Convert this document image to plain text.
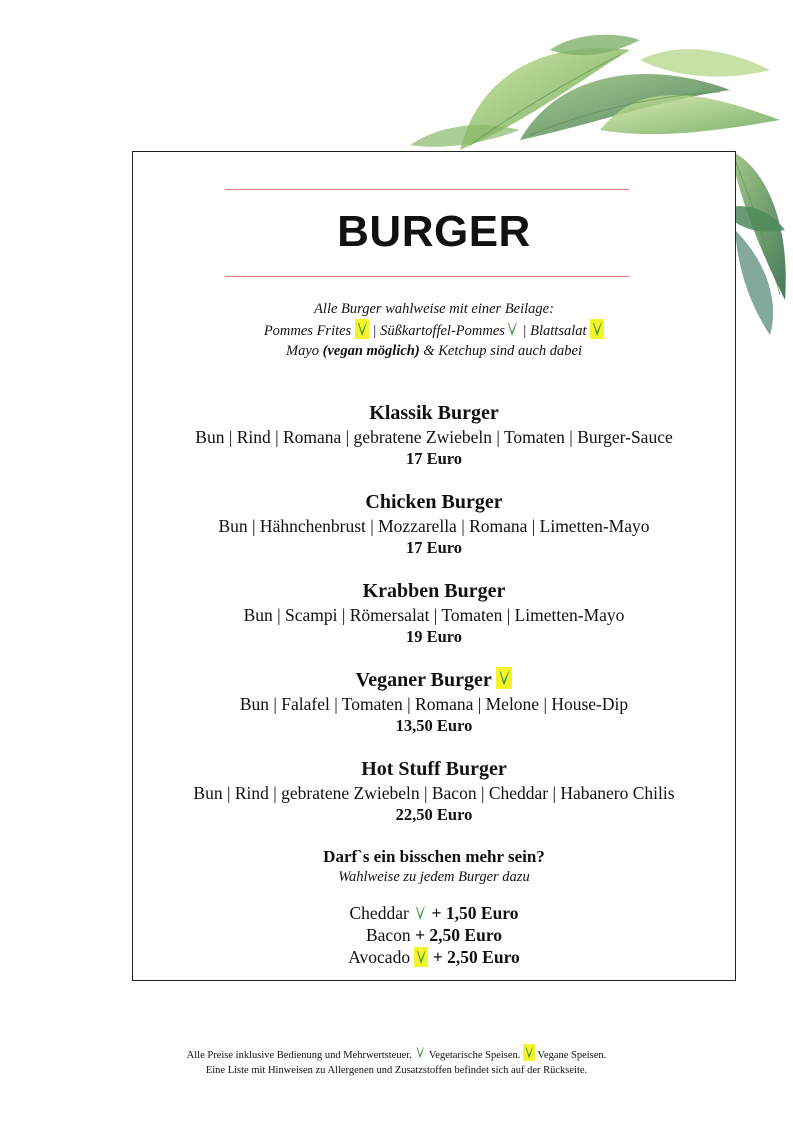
BURGER
Alle Burger wahlweise mit einer Beilage:
Pommes Frites | Süßkartoffel-Pommes | Blattsalat
Mayo (vegan möglich) & Ketchup sind auch dabei
Klassik Burger
Bun | Rind | Romana | gebratene Zwiebeln | Tomaten | Burger-Sauce
17 Euro
Chicken Burger
Bun | Hähnchenbrust | Mozzarella | Romana | Limetten-Mayo
17 Euro
Krabben Burger
Bun | Scampi | Römersalat | Tomaten | Limetten-Mayo
19 Euro
Veganer Burger
Bun | Falafel | Tomaten | Romana | Melone | House-Dip
13,50 Euro
Hot Stuff Burger
Bun | Rind | gebratene Zwiebeln | Bacon | Cheddar | Habanero Chilis
22,50 Euro
Darf`s ein bisschen mehr sein?
Wahlweise zu jedem Burger dazu
Cheddar + 1,50 Euro
Bacon + 2,50 Euro
Avocado + 2,50 Euro
Alle Preise inklusive Bedienung und Mehrwertsteuer. Vegetarische Speisen. Vegane Speisen.
Eine Liste mit Hinweisen zu Allergenen und Zusatzstoffen befindet sich auf der Rückseite.
